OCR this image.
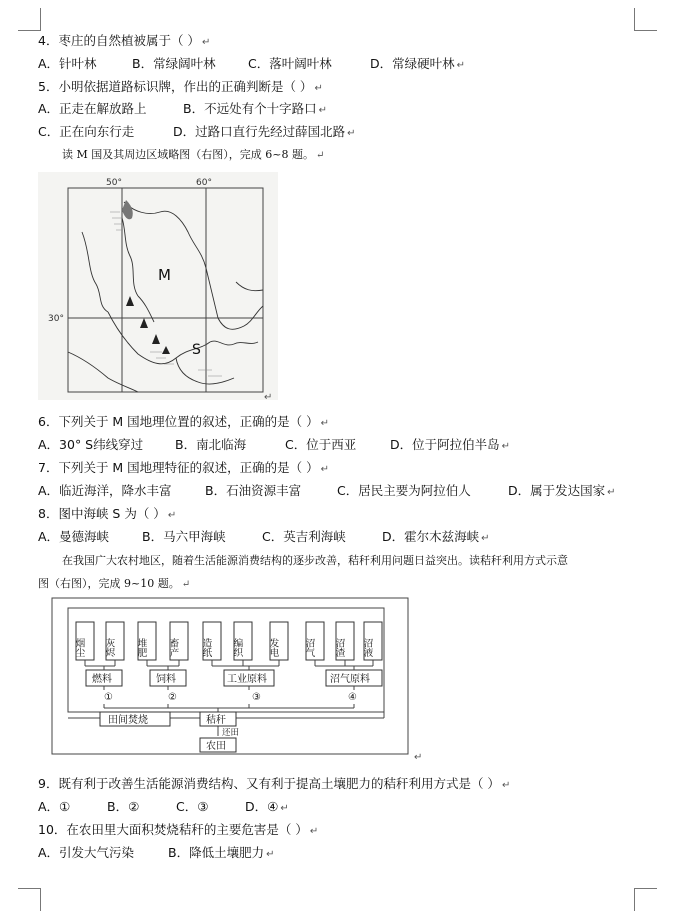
4．枣庄的自然植被属于（ ） ↵
A．针叶林	B．常绿阔叶林	C．落叶阔叶林	D．常绿硬叶林 ↵
5．小明依据道路标识牌，作出的正确判断是（ ） ↵
A．正走在解放路上	B．不远处有个十字路口 ↵
C．正在向东行走	D．过路口直行先经过薛国北路 ↵
读 M 国及其周边区域略图（右图），完成 6~8 题。 ↵
50°	60°
30°
M
S
↵
6．下列关于 M 国地理位置的叙述，正确的是（ ） ↵
A．30° S纬线穿过	B．南北临海	C．位于西亚	D．位于阿拉伯半岛 ↵
7．下列关于 M 国地理特征的叙述，正确的是（ ） ↵
A．临近海洋，降水丰富	B．石油资源丰富	C．居民主要为阿拉伯人	D．属于发达国家 ↵
8．图中海峡 S 为（ ） ↵
A．曼德海峡	B．马六甲海峡	C．英吉利海峡	D．霍尔木兹海峡 ↵
在我国广大农村地区，随着生活能源消费结构的逐步改善，秸秆利用问题日益突出。读秸秆利用方式示意
图（右图），完成 9~10 题。 ↵
烟尘 灰烬 堆肥 畜产 造纸 编织	发电	沼气 沼渣 沼液
燃料	饲料	工业原料	沼气原料
①	②	③	④
田间焚烧	秸秆
还田
农田
↵
9．既有利于改善生活能源消费结构、又有利于提高土壤肥力的秸秆利用方式是（ ） ↵
A．①	B．②	C．③	D．④ ↵
10．在农田里大面积焚烧秸秆的主要危害是（ ） ↵
A．引发大气污染	B．降低土壤肥力 ↵
